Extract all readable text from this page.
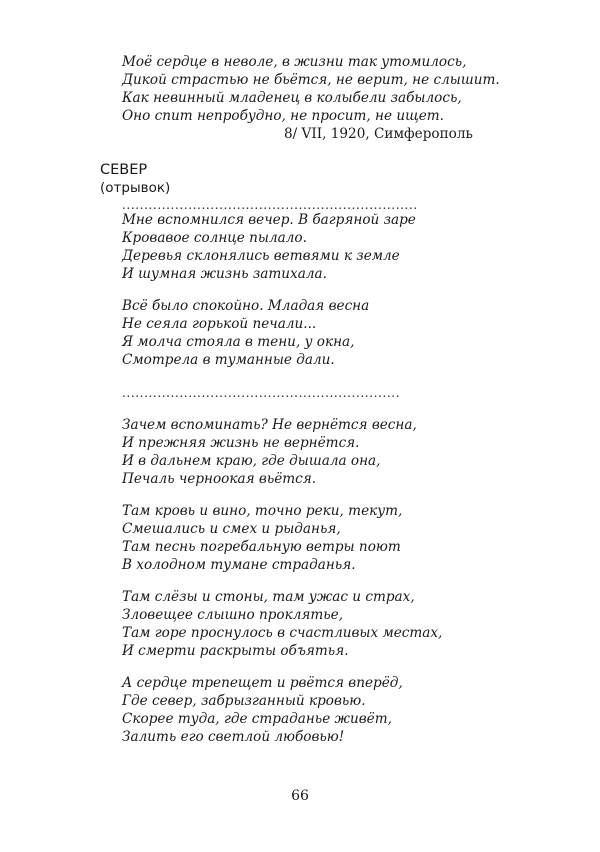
Моё сердце в неволе, в жизни так утомилось,
Дикой страстью не бьётся, не верит, не слышит.
Как невинный младенец в колыбели забылось,
Оно спит непробудно, не просит, не ищет.
8/ VII, 1920, Симферополь
СЕВЕР
(отрывок)
...................................................................
Мне вспомнился вечер. В багряной заре
Кровавое солнце пылало.
Деревья склонялись ветвями к земле
И шумная жизнь затихала.
Всё было спокойно. Младая весна
Не сеяла горькой печали...
Я молча стояла в тени, у окна,
Смотрела в туманные дали.
...............................................................
Зачем вспоминать? Не вернётся весна,
И прежняя жизнь не вернётся.
И в дальнем краю, где дышала она,
Печаль черноокая вьётся.
Там кровь и вино, точно реки, текут,
Смешались и смех и рыданья,
Там песнь погребальную ветры поют
В холодном тумане страданья.
Там слёзы и стоны, там ужас и страх,
Зловещее слышно проклятье,
Там горе проснулось в счастливых местах,
И смерти раскрыты объятья.
А сердце трепещет и рвётся вперёд,
Где север, забрызганный кровью.
Скорее туда, где страданье живёт,
Залить его светлой любовью!
66
